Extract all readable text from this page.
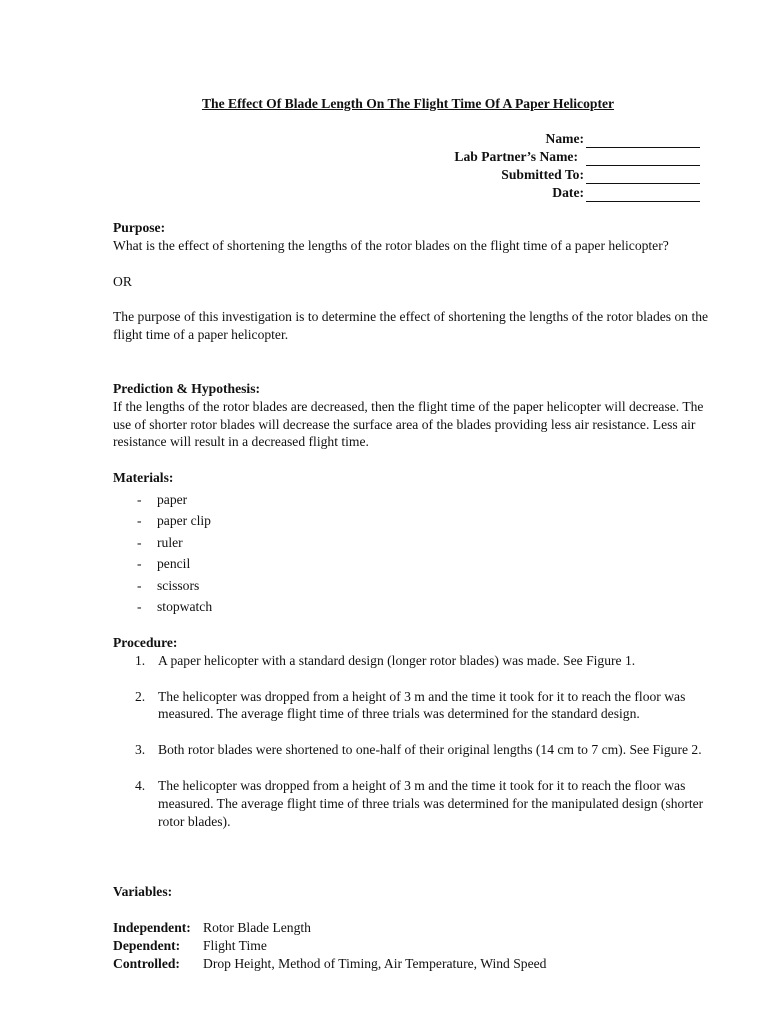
The Effect Of Blade Length On The Flight Time Of A Paper Helicopter
Name:
Lab Partner’s Name:
Submitted To:
Date:

Purpose:

What is the effect of shortening the lengths of the rotor blades on the flight time of a paper helicopter?

OR

The purpose of this investigation is to determine the effect of shortening the lengths of the rotor blades on the flight time of a paper helicopter.

Prediction & Hypothesis:

If the lengths of the rotor blades are decreased, then the flight time of the paper helicopter will decrease. The use of shorter rotor blades will decrease the surface area of the blades providing less air resistance. Less air resistance will result in a decreased flight time.

Materials:

-	paper
-	paper clip
-	ruler
-	pencil
-	scissors
-	stopwatch

Procedure:

1. A paper helicopter with a standard design (longer rotor blades) was made. See Figure 1.
2. The helicopter was dropped from a height of 3 m and the time it took for it to reach the floor was measured. The average flight time of three trials was determined for the standard design.
3. Both rotor blades were shortened to one-half of their original lengths (14 cm to 7 cm). See Figure 2.
4. The helicopter was dropped from a height of 3 m and the time it took for it to reach the floor was measured. The average flight time of three trials was determined for the manipulated design (shorter rotor blades).

Variables:

Independent: Rotor Blade Length
Dependent:	Flight Time
Controlled:	Drop Height, Method of Timing, Air Temperature, Wind Speed
